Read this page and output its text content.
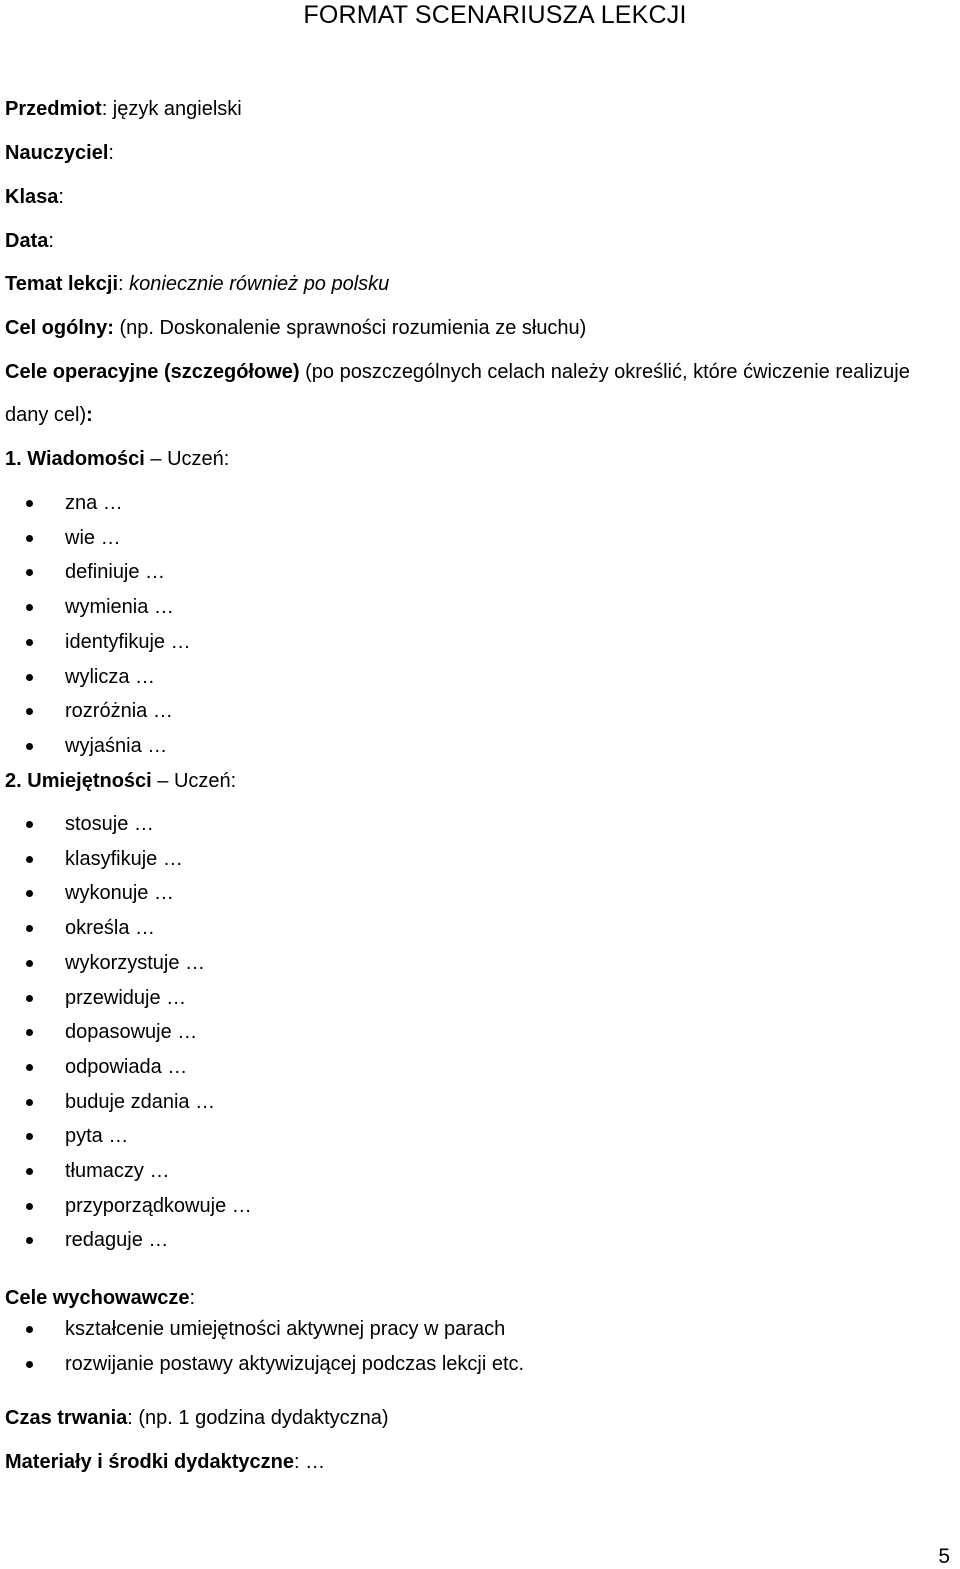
FORMAT SCENARIUSZA LEKCJI
Przedmiot: język angielski
Nauczyciel:
Klasa:
Data:
Temat lekcji: koniecznie również po polsku
Cel ogólny: (np. Doskonalenie sprawności rozumienia ze słuchu)
Cele operacyjne (szczegółowe) (po poszczególnych celach należy określić, które ćwiczenie realizuje
dany cel):
1. Wiadomości – Uczeń:
zna …
wie …
definiuje …
wymienia …
identyfikuje …
wylicza …
rozróżnia …
wyjaśnia …
2. Umiejętności – Uczeń:
stosuje …
klasyfikuje …
wykonuje …
określa …
wykorzystuje …
przewiduje …
dopasowuje …
odpowiada …
buduje zdania …
pyta …
tłumaczy …
przyporządkowuje …
redaguje …
Cele wychowawcze:
kształcenie umiejętności aktywnej pracy w parach
rozwijanie postawy aktywizującej podczas lekcji etc.
Czas trwania: (np. 1 godzina dydaktyczna)
Materiały i środki dydaktyczne: …
5
